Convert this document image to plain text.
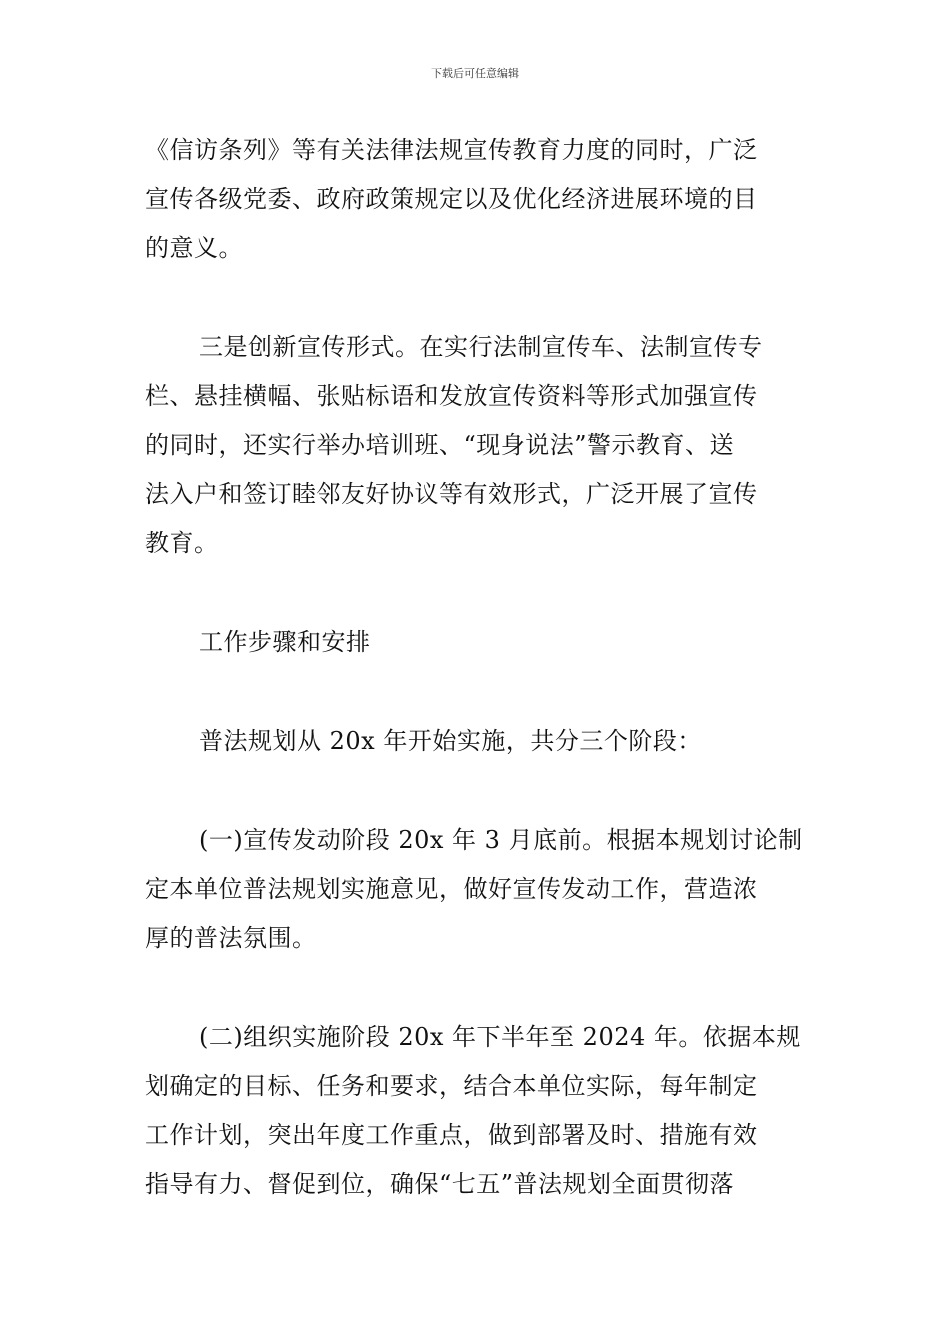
下载后可任意编辑

《信访条列》等有关法律法规宣传教育力度的同时，广泛

宣传各级党委、政府政策规定以及优化经济进展环境的目

的意义。

三是创新宣传形式。在实行法制宣传车、法制宣传专

栏、悬挂横幅、张贴标语和发放宣传资料等形式加强宣传

的同时，还实行举办培训班、“现身说法”警示教育、送

法入户和签订睦邻友好协议等有效形式，广泛开展了宣传

教育。

工作步骤和安排

普法规划从 20x 年开始实施，共分三个阶段：

(一)宣传发动阶段 20x 年 3 月底前。根据本规划讨论制

定本单位普法规划实施意见，做好宣传发动工作，营造浓

厚的普法氛围。

(二)组织实施阶段 20x 年下半年至 2024 年。依据本规

划确定的目标、任务和要求，结合本单位实际，每年制定

工作计划，突出年度工作重点，做到部署及时、措施有效

指导有力、督促到位，确保“七五”普法规划全面贯彻落
